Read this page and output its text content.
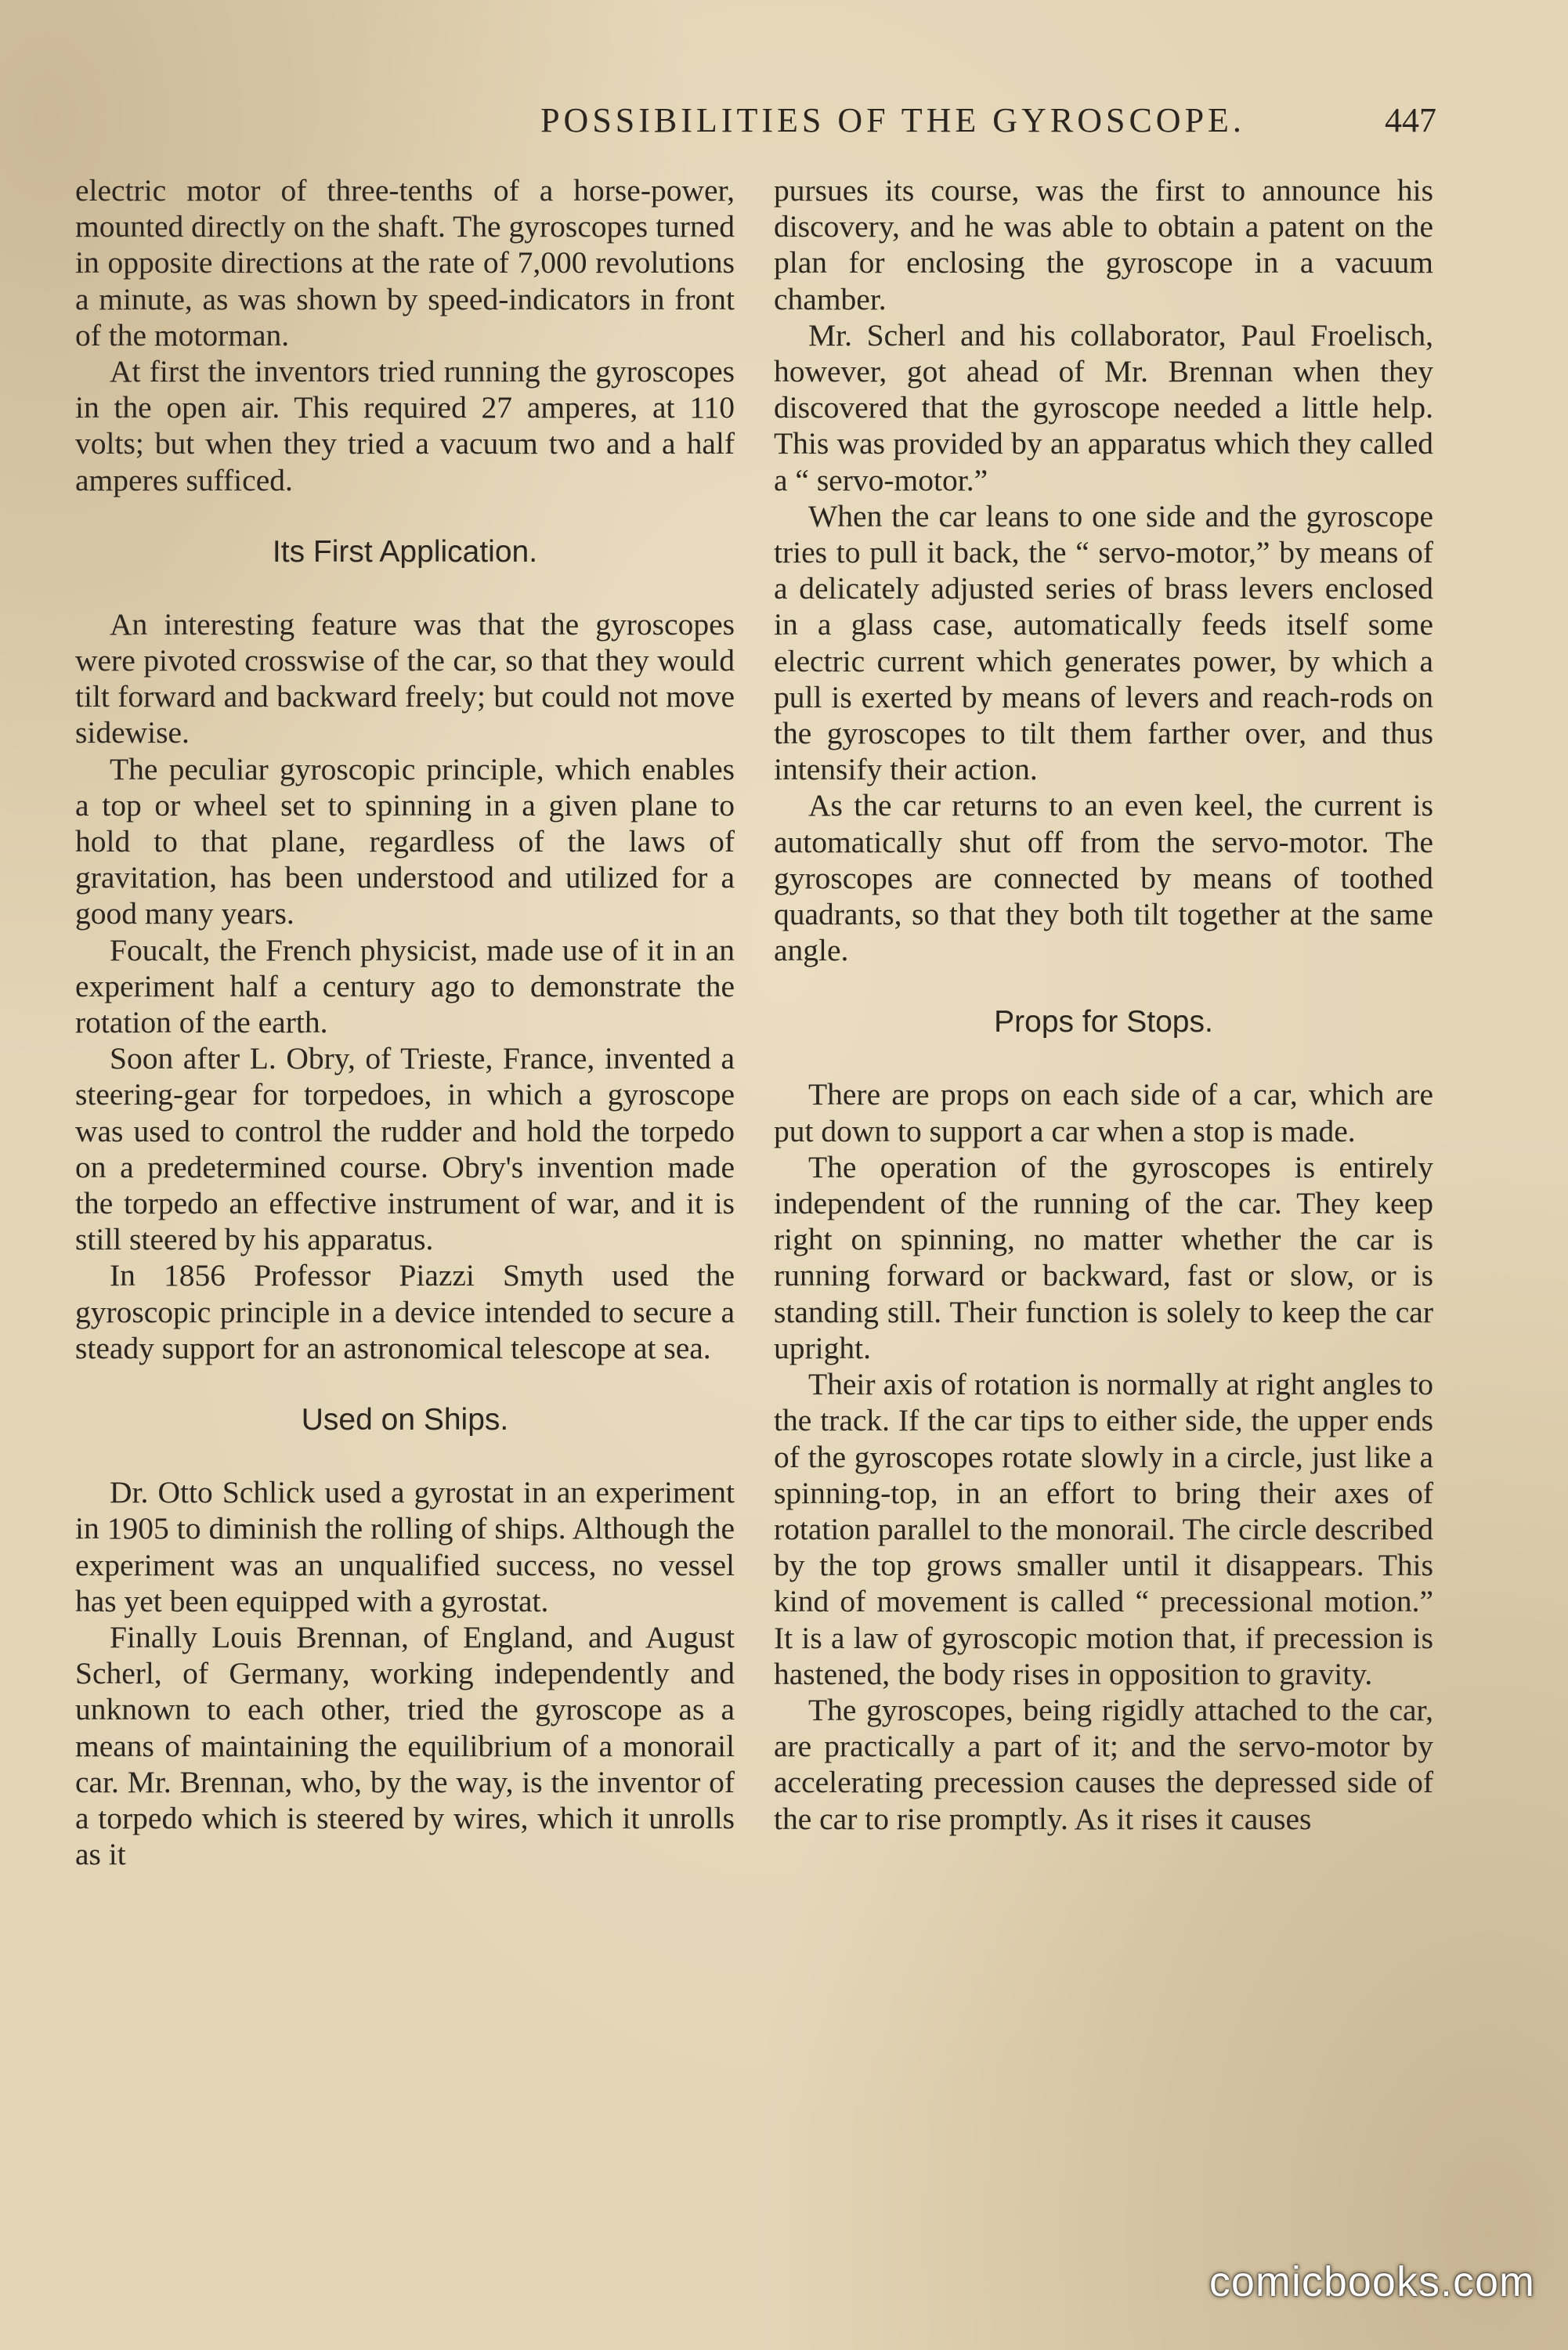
POSSIBILITIES OF THE GYROSCOPE.	447

electric motor of three-tenths of a horse-power, mounted directly on the shaft. The gyroscopes turned in opposite directions at the rate of 7,000 revolutions a minute, as was shown by speed-indicators in front of the motorman.

At first the inventors tried running the gyroscopes in the open air. This required 27 amperes, at 110 volts; but when they tried a vacuum two and a half amperes sufficed.

Its First Application.

An interesting feature was that the gyroscopes were pivoted crosswise of the car, so that they would tilt forward and backward freely; but could not move sidewise.

The peculiar gyroscopic principle, which enables a top or wheel set to spinning in a given plane to hold to that plane, regardless of the laws of gravitation, has been understood and utilized for a good many years.

Foucalt, the French physicist, made use of it in an experiment half a century ago to demonstrate the rotation of the earth.

Soon after L. Obry, of Trieste, France, invented a steering-gear for torpedoes, in which a gyroscope was used to control the rudder and hold the torpedo on a predetermined course. Obry's invention made the torpedo an effective instrument of war, and it is still steered by his apparatus.

In 1856 Professor Piazzi Smyth used the gyroscopic principle in a device intended to secure a steady support for an astronomical telescope at sea.

Used on Ships.

Dr. Otto Schlick used a gyrostat in an experiment in 1905 to diminish the rolling of ships. Although the experiment was an unqualified success, no vessel has yet been equipped with a gyrostat.

Finally Louis Brennan, of England, and August Scherl, of Germany, working independently and unknown to each other, tried the gyroscope as a means of maintaining the equilibrium of a monorail car. Mr. Brennan, who, by the way, is the inventor of a torpedo which is steered by wires, which it unrolls as it

pursues its course, was the first to announce his discovery, and he was able to obtain a patent on the plan for enclosing the gyroscope in a vacuum chamber.

Mr. Scherl and his collaborator, Paul Froelisch, however, got ahead of Mr. Brennan when they discovered that the gyroscope needed a little help. This was provided by an apparatus which they called a “ servo-motor.”

When the car leans to one side and the gyroscope tries to pull it back, the “ servo-motor,” by means of a delicately adjusted series of brass levers enclosed in a glass case, automatically feeds itself some electric current which generates power, by which a pull is exerted by means of levers and reach-rods on the gyroscopes to tilt them farther over, and thus intensify their action.

As the car returns to an even keel, the current is automatically shut off from the servo-motor. The gyroscopes are connected by means of toothed quadrants, so that they both tilt together at the same angle.

Props for Stops.

There are props on each side of a car, which are put down to support a car when a stop is made.

The operation of the gyroscopes is entirely independent of the running of the car. They keep right on spinning, no matter whether the car is running forward or backward, fast or slow, or is standing still. Their function is solely to keep the car upright.

Their axis of rotation is normally at right angles to the track. If the car tips to either side, the upper ends of the gyroscopes rotate slowly in a circle, just like a spinning-top, in an effort to bring their axes of rotation parallel to the monorail. The circle described by the top grows smaller until it disappears. This kind of movement is called “ precessional motion.” It is a law of gyroscopic motion that, if precession is hastened, the body rises in opposition to gravity.

The gyroscopes, being rigidly attached to the car, are practically a part of it; and the servo-motor by accelerating precession causes the depressed side of the car to rise promptly. As it rises it causes

comicbooks.com
